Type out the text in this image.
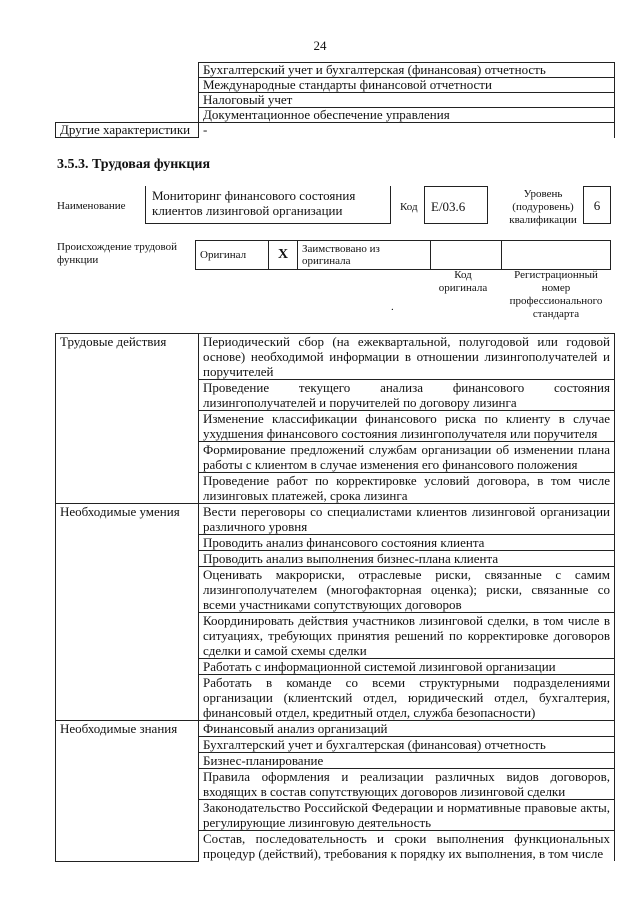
24
	Бухгалтерский учет и бухгалтерская (финансовая) отчетность
	Международные стандарты финансовой отчетности
	Налоговый учет
	Документационное обеспечение управления
Другие характеристики	-
3.5.3. Трудовая функция
Наименование
Мониторинг финансового состояния клиентов лизинговой организации	Код	E/03.6
Уровень (подуровень) квалификации
6
Происхождение трудовой функции	Оригинал	X	Заимствовано из оригинала		
Код оригинала
Регистрационный номер профессионального стандарта
.
Трудовые действия	Периодический сбор (на ежеквартальной, полугодовой или годовой основе) необходимой информации в отношении лизингополучателей и поручителей
	Проведение текущего анализа финансового состояния лизингополучателей и поручителей по договору лизинга
	Изменение классификации финансового риска по клиенту в случае ухудшения финансового состояния лизингополучателя или поручителя
	Формирование предложений службам организации об изменении плана работы с клиентом в случае изменения его финансового положения
	Проведение работ по корректировке условий договора, в том числе лизинговых платежей, срока лизинга
Необходимые умения	Вести переговоры со специалистами клиентов лизинговой организации различного уровня
	Проводить анализ финансового состояния клиента
	Проводить анализ выполнения бизнес-плана клиента
	Оценивать макрориски, отраслевые риски, связанные с самим лизингополучателем (многофакторная оценка); риски, связанные со всеми участниками сопутствующих договоров
	Координировать действия участников лизинговой сделки, в том числе в ситуациях, требующих принятия решений по корректировке договоров сделки и самой схемы сделки
	Работать с информационной системой лизинговой организации
	Работать в команде со всеми структурными подразделениями организации (клиентский отдел, юридический отдел, бухгалтерия, финансовый отдел, кредитный отдел, служба безопасности)
Необходимые знания	Финансовый анализ организаций
	Бухгалтерский учет и бухгалтерская (финансовая) отчетность
	Бизнес-планирование
	Правила оформления и реализации различных видов договоров, входящих в состав сопутствующих договоров лизинговой сделки
	Законодательство Российской Федерации и нормативные правовые акты, регулирующие лизинговую деятельность
	Состав, последовательность и сроки выполнения функциональных процедур (действий), требования к порядку их выполнения, в том числе
